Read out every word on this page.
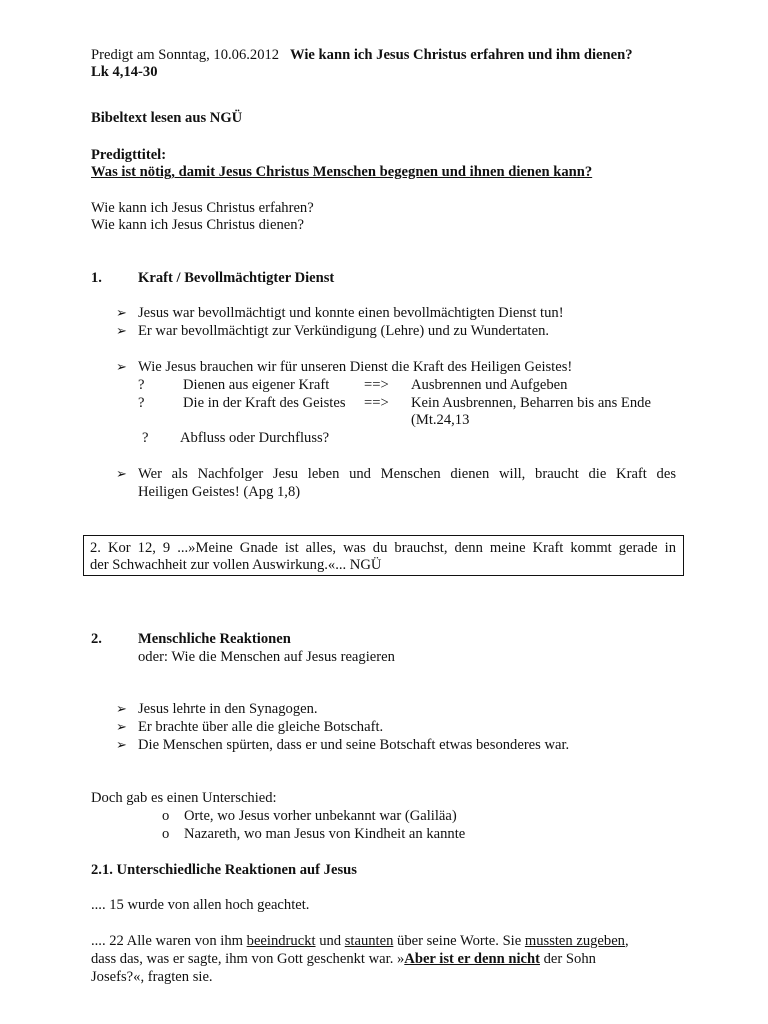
Predigt am Sonntag, 10.06.2012 Wie kann ich Jesus Christus erfahren und ihm dienen?
Lk 4,14-30
Bibeltext lesen aus NGÜ
Predigttitel:
Was ist nötig, damit Jesus Christus Menschen begegnen und ihnen dienen kann?
Wie kann ich Jesus Christus erfahren?
Wie kann ich Jesus Christus dienen?
1. Kraft / Bevollmächtigter Dienst
➢ Jesus war bevollmächtigt und konnte einen bevollmächtigten Dienst tun!
➢ Er war bevollmächtigt zur Verkündigung (Lehre) und zu Wundertaten.
➢ Wie Jesus brauchen wir für unseren Dienst die Kraft des Heiligen Geistes!
?	Dienen aus eigener Kraft ==> Ausbrennen und Aufgeben
?	Die in der Kraft des Geistes ==> Kein Ausbrennen, Beharren bis ans Ende
(Mt.24,13
? Abfluss oder Durchfluss?
➢ Wer als Nachfolger Jesu leben und Menschen dienen will, braucht die Kraft des
Heiligen Geistes! (Apg 1,8)
2. Kor 12, 9 ...»Meine Gnade ist alles, was du brauchst, denn meine Kraft kommt gerade in
der Schwachheit zur vollen Auswirkung.«... NGÜ
2. Menschliche Reaktionen
oder: Wie die Menschen auf Jesus reagieren
➢ Jesus lehrte in den Synagogen.
➢ Er brachte über alle die gleiche Botschaft.
➢ Die Menschen spürten, dass er und seine Botschaft etwas besonderes war.
Doch gab es einen Unterschied:
o Orte, wo Jesus vorher unbekannt war (Galiläa)
o Nazareth, wo man Jesus von Kindheit an kannte
2.1. Unterschiedliche Reaktionen auf Jesus
.... 15 wurde von allen hoch geachtet.
.... 22 Alle waren von ihm beeindruckt und staunten über seine Worte. Sie mussten zugeben,
dass das, was er sagte, ihm von Gott geschenkt war. »Aber ist er denn nicht der Sohn
Josefs?«, fragten sie.
